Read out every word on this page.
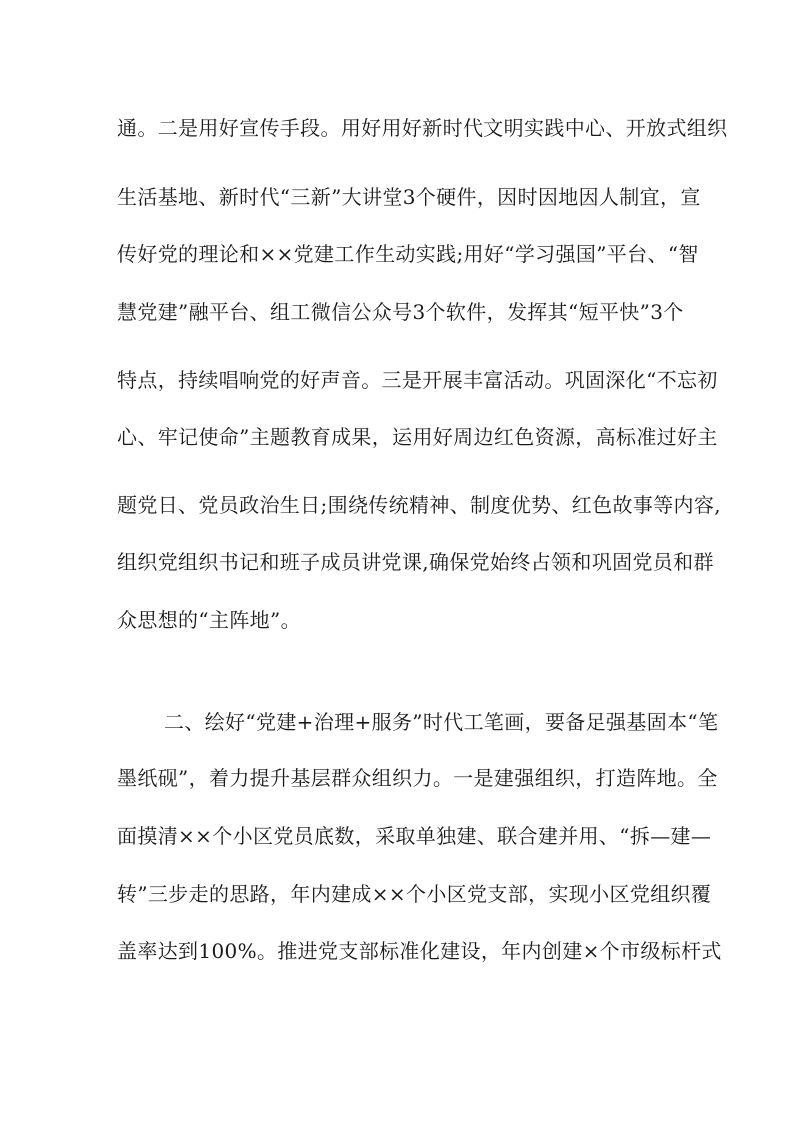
通。二是用好宣传手段。用好用好新时代文明实践中心、开放式组织
生活基地、新时代“三新”大讲堂3个硬件，因时因地因人制宜，宣
传好党的理论和××党建工作生动实践;用好“学习强国”平台、“智
慧党建”融平台、组工微信公众号3个软件，发挥其“短平快”3个
特点，持续唱响党的好声音。三是开展丰富活动。巩固深化“不忘初
心、牢记使命”主题教育成果，运用好周边红色资源，高标准过好主
题党日、党员政治生日;围绕传统精神、制度优势、红色故事等内容,
组织党组织书记和班子成员讲党课,确保党始终占领和巩固党员和群
众思想的“主阵地”。
二、绘好“党建+治理+服务”时代工笔画，要备足强基固本“笔
墨纸砚”，着力提升基层群众组织力。一是建强组织，打造阵地。全
面摸清××个小区党员底数，采取单独建、联合建并用、“拆—建—
转”三步走的思路，年内建成××个小区党支部，实现小区党组织覆
盖率达到100%。推进党支部标准化建设，年内创建×个市级标杆式
